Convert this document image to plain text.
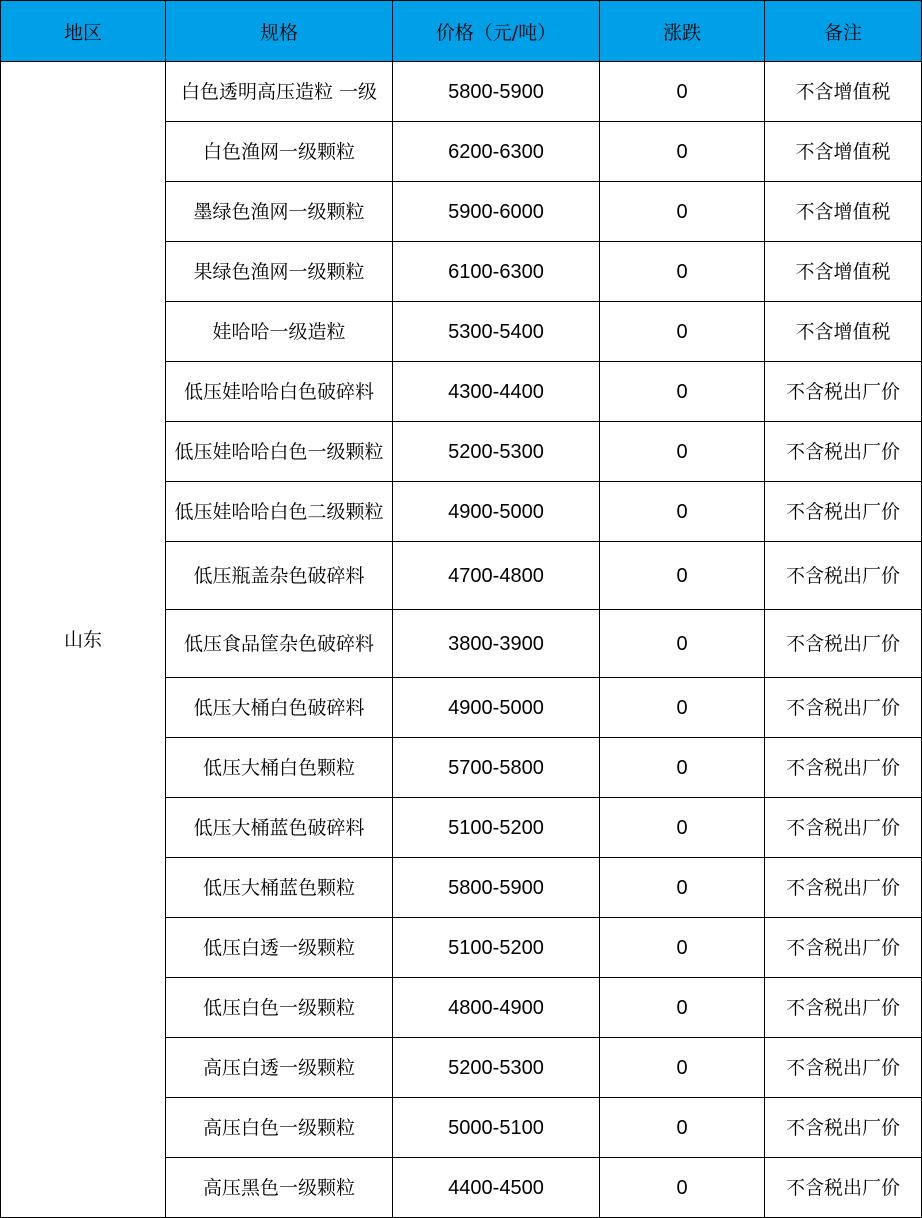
地区	规格	价格（元/吨）	涨跌	备注
山东	白色透明高压造粒 一级	5800-5900	0	不含增值税
	白色渔网一级颗粒	6200-6300	0	不含增值税
	墨绿色渔网一级颗粒	5900-6000	0	不含增值税
	果绿色渔网一级颗粒	6100-6300	0	不含增值税
	娃哈哈一级造粒	5300-5400	0	不含增值税
	低压娃哈哈白色破碎料	4300-4400	0	不含税出厂价
	低压娃哈哈白色一级颗粒	5200-5300	0	不含税出厂价
	低压娃哈哈白色二级颗粒	4900-5000	0	不含税出厂价
	低压瓶盖杂色破碎料	4700-4800	0	不含税出厂价
	低压食品筐杂色破碎料	3800-3900	0	不含税出厂价
	低压大桶白色破碎料	4900-5000	0	不含税出厂价
	低压大桶白色颗粒	5700-5800	0	不含税出厂价
	低压大桶蓝色破碎料	5100-5200	0	不含税出厂价
	低压大桶蓝色颗粒	5800-5900	0	不含税出厂价
	低压白透一级颗粒	5100-5200	0	不含税出厂价
	低压白色一级颗粒	4800-4900	0	不含税出厂价
	高压白透一级颗粒	5200-5300	0	不含税出厂价
	高压白色一级颗粒	5000-5100	0	不含税出厂价
	高压黑色一级颗粒	4400-4500	0	不含税出厂价
